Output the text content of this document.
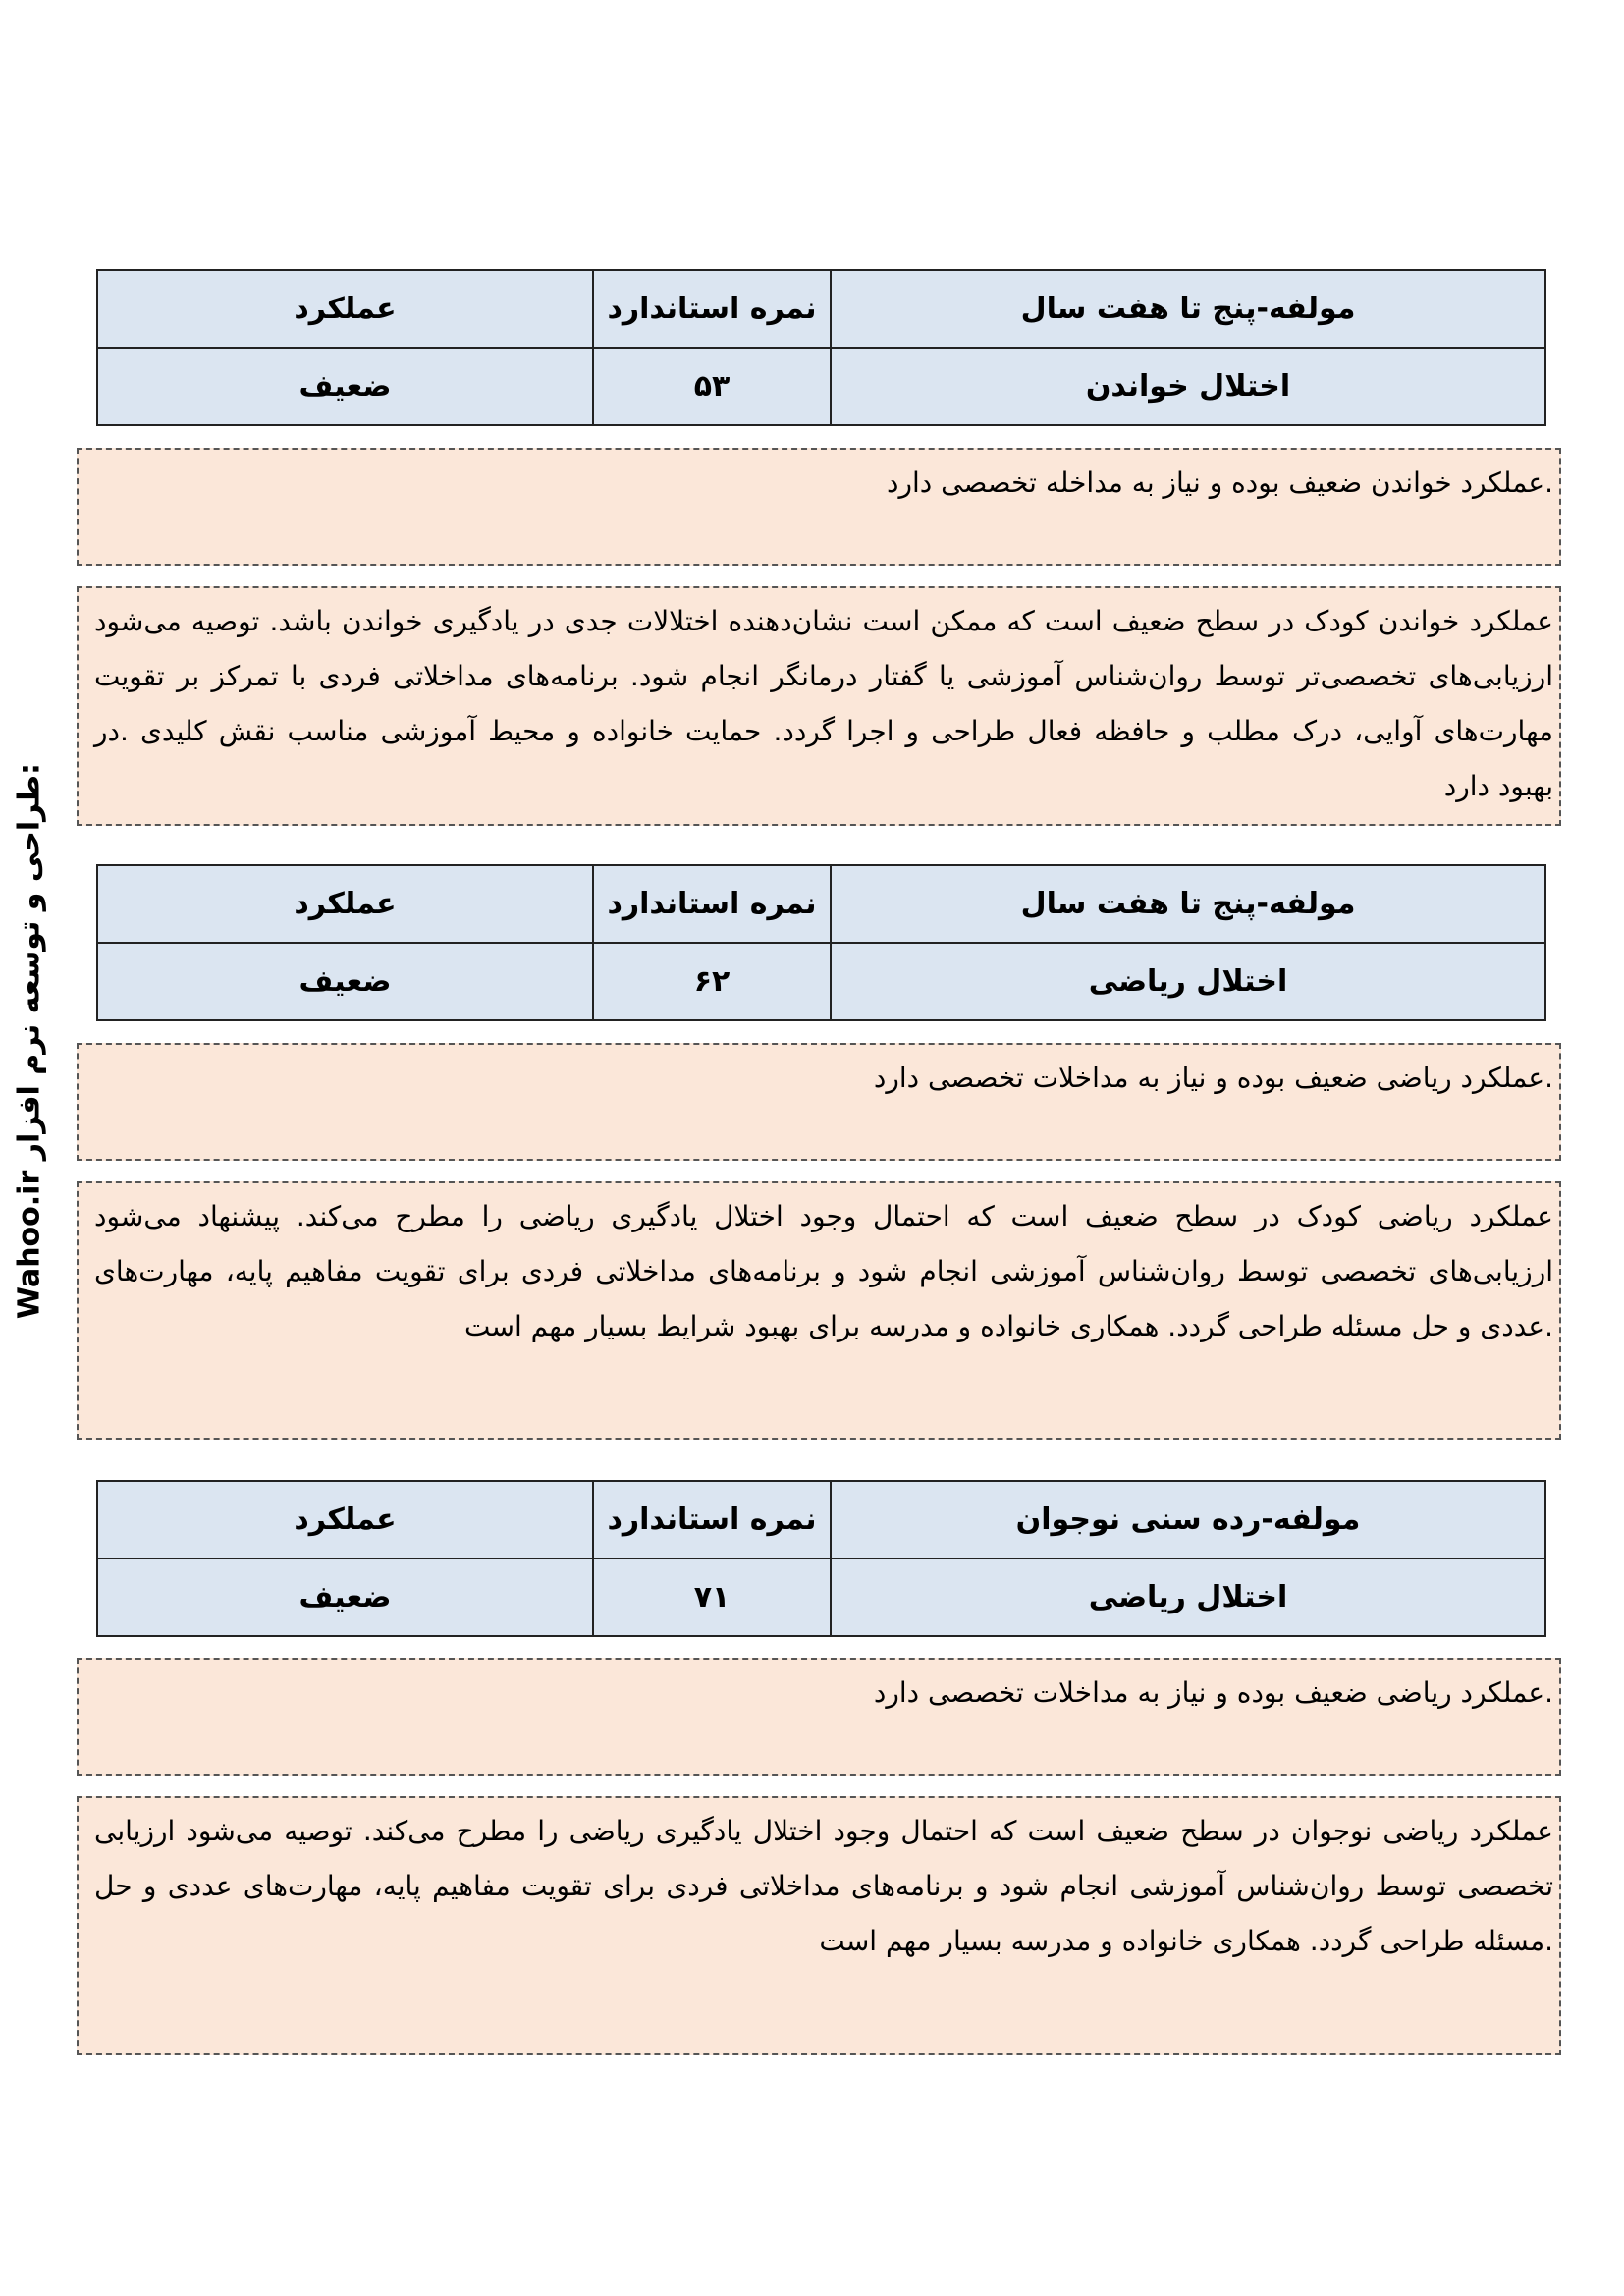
Wahoo.ir طراحی و توسعه نرم افزار:
مولفه-پنج تا هفت سال	نمره استاندارد	عملکرد
اختلال خواندن	۵۳	ضعیف
.عملکرد خواندن ضعیف بوده و نیاز به مداخله تخصصی دارد
عملکرد خواندن کودک در سطح ضعیف است که ممکن است نشان‌دهنده اختلالات جدی در یادگیری خواندن باشد. توصیه می‌شود ارزیابی‌های تخصصی‌تر توسط روان‌شناس آموزشی یا گفتار درمانگر انجام شود. برنامه‌های مداخلاتی فردی با تمرکز بر تقویت مهارت‌های آوایی، درک مطلب و حافظه فعال طراحی و اجرا گردد. حمایت خانواده و محیط آموزشی مناسب نقش کلیدی .در بهبود دارد
مولفه-پنج تا هفت سال	نمره استاندارد	عملکرد
اختلال ریاضی	۶۲	ضعیف
.عملکرد ریاضی ضعیف بوده و نیاز به مداخلات تخصصی دارد
عملکرد ریاضی کودک در سطح ضعیف است که احتمال وجود اختلال یادگیری ریاضی را مطرح می‌کند. پیشنهاد می‌شود ارزیابی‌های تخصصی توسط روان‌شناس آموزشی انجام شود و برنامه‌های مداخلاتی فردی برای تقویت مفاهیم پایه، مهارت‌های .عددی و حل مسئله طراحی گردد. همکاری خانواده و مدرسه برای بهبود شرایط بسیار مهم است
مولفه-رده سنی نوجوان	نمره استاندارد	عملکرد
اختلال ریاضی	۷۱	ضعیف
.عملکرد ریاضی ضعیف بوده و نیاز به مداخلات تخصصی دارد
عملکرد ریاضی نوجوان در سطح ضعیف است که احتمال وجود اختلال یادگیری ریاضی را مطرح می‌کند. توصیه می‌شود ارزیابی تخصصی توسط روان‌شناس آموزشی انجام شود و برنامه‌های مداخلاتی فردی برای تقویت مفاهیم پایه، مهارت‌های عددی و حل .مسئله طراحی گردد. همکاری خانواده و مدرسه بسیار مهم است
